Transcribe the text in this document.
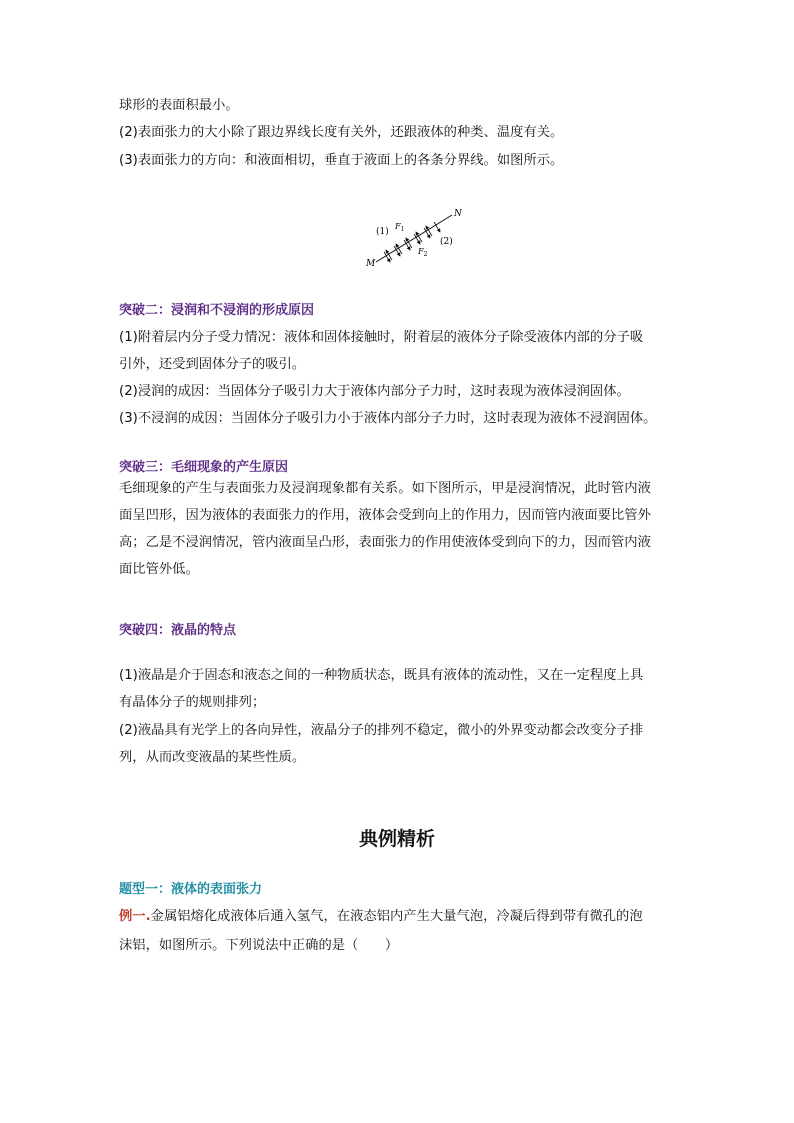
球形的表面积最小。
(2)表面张力的大小除了跟边界线长度有关外，还跟液体的种类、温度有关。
(3)表面张力的方向：和液面相切，垂直于液面上的各条分界线。如图所示。
(1)
(2)
M
N
$F_1$
$F_2$
突破二：浸润和不浸润的形成原因
(1)附着层内分子受力情况：液体和固体接触时，附着层的液体分子除受液体内部的分子吸
引外，还受到固体分子的吸引。
(2)浸润的成因：当固体分子吸引力大于液体内部分子力时，这时表现为液体浸润固体。
(3)不浸润的成因：当固体分子吸引力小于液体内部分子力时，这时表现为液体不浸润固体。
突破三：毛细现象的产生原因
毛细现象的产生与表面张力及浸润现象都有关系。如下图所示，甲是浸润情况，此时管内液
面呈凹形，因为液体的表面张力的作用，液体会受到向上的作用力，因而管内液面要比管外
高；乙是不浸润情况，管内液面呈凸形，表面张力的作用使液体受到向下的力，因而管内液
面比管外低。
突破四：液晶的特点
(1)液晶是介于固态和液态之间的一种物质状态，既具有液体的流动性，又在一定程度上具
有晶体分子的规则排列；
(2)液晶具有光学上的各向异性，液晶分子的排列不稳定，微小的外界变动都会改变分子排
列，从而改变液晶的某些性质。
典例精析
题型一：液体的表面张力
例一.金属铝熔化成液体后通入氢气，在液态铝内产生大量气泡，冷凝后得到带有微孔的泡
沫铝，如图所示。下列说法中正确的是（　　）
